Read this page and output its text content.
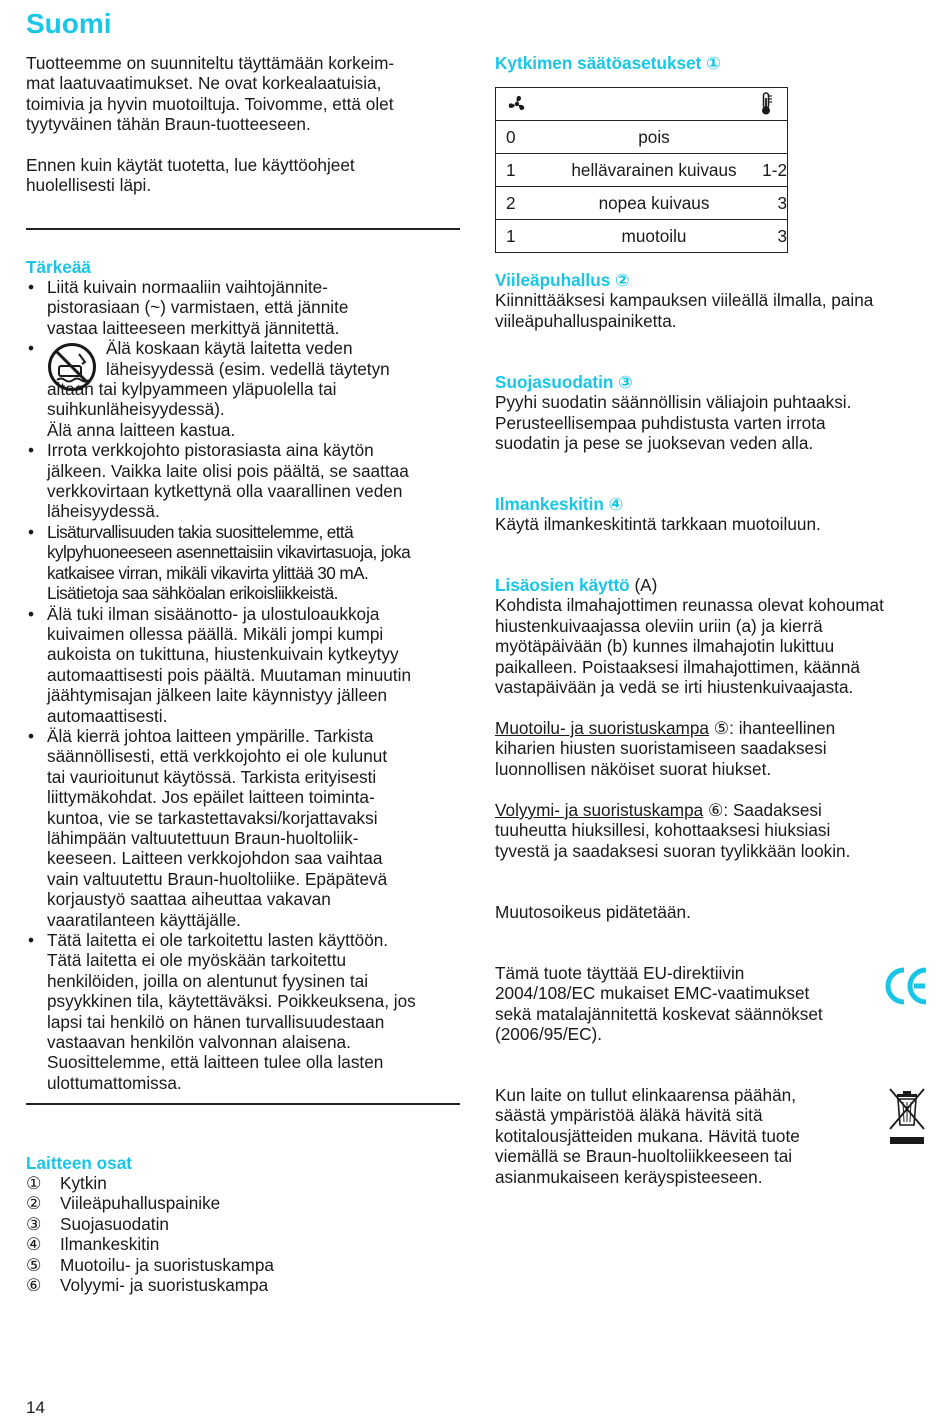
Suomi
Tuotteemme on suunniteltu täyttämään korkeim-
mat laatuvaatimukset. Ne ovat korkealaatuisia,
toimivia ja hyvin muotoiltuja. Toivomme, että olet
tyytyväinen tähän Braun-tuotteeseen.
Ennen kuin käytät tuotetta, lue käyttöohjeet
huolellisesti läpi.
Tärkeää
• Liitä kuivain normaaliin vaihtojännite-
pistorasiaan (~) varmistaen, että jännite
vastaa laitteeseen merkittyä jännitettä.
• Älä koskaan käytä laitetta veden
läheisyydessä (esim. vedellä täytetyn
altaan tai kylpyammeen yläpuolella tai
suihkunläheisyydessä).
Älä anna laitteen kastua.
• Irrota verkkojohto pistorasiasta aina käytön
jälkeen. Vaikka laite olisi pois päältä, se saattaa
verkkovirtaan kytkettynä olla vaarallinen veden
läheisyydessä.
• Lisäturvallisuuden takia suosittelemme, että
kylpyhuoneeseen asennettaisiin vikavirtasuoja, joka
katkaisee virran, mikäli vikavirta ylittää 30 mA.
Lisätietoja saa sähköalan erikoisliikkeistä.
• Älä tuki ilman sisäänotto- ja ulostuloaukkoja
kuivaimen ollessa päällä. Mikäli jompi kumpi
aukoista on tukittuna, hiustenkuivain kytkeytyy
automaattisesti pois päältä. Muutaman minuutin
jäähtymisajan jälkeen laite käynnistyy jälleen
automaattisesti.
• Älä kierrä johtoa laitteen ympärille. Tarkista
säännöllisesti, että verkkojohto ei ole kulunut
tai vaurioitunut käytössä. Tarkista erityisesti
liittymäkohdat. Jos epäilet laitteen toiminta-
kuntoa, vie se tarkastettavaksi/korjattavaksi
lähimpään valtuutettuun Braun-huoltoliik-
keeseen. Laitteen verkkojohdon saa vaihtaa
vain valtuutettu Braun-huoltoliike. Epäpätevä
korjaustyö saattaa aiheuttaa vakavan
vaaratilanteen käyttäjälle.
• Tätä laitetta ei ole tarkoitettu lasten käyttöön.
Tätä laitetta ei ole myöskään tarkoitettu
henkilöiden, joilla on alentunut fyysinen tai
psyykkinen tila, käytettäväksi. Poikkeuksena, jos
lapsi tai henkilö on hänen turvallisuudestaan
vastaavan henkilön valvonnan alaisena.
Suosittelemme, että laitteen tulee olla lasten
ulottumattomissa.
Laitteen osat
①	Kytkin
②	Viileäpuhalluspainike
③	Suojasuodatin
④	Ilmankeskitin
⑤	Muotoilu- ja suoristuskampa
⑥	Volyymi- ja suoristuskampa
14
Kytkimen säätöasetukset ①

0	pois

1	hellävarainen kuivaus	1-2

2	nopea kuivaus	3

1	muotoilu	3
Viileäpuhallus ②
Kiinnittääksesi kampauksen viileällä ilmalla, paina
viileäpuhalluspainiketta.
Suojasuodatin ③
Pyyhi suodatin säännöllisin väliajoin puhtaaksi.
Perusteellisempaa puhdistusta varten irrota
suodatin ja pese se juoksevan veden alla.
Ilmankeskitin ④
Käytä ilmankeskitintä tarkkaan muotoiluun.
Lisäosien käyttö (A)
Kohdista ilmahajottimen reunassa olevat kohoumat
hiustenkuivaajassa oleviin uriin (a) ja kierrä
myötäpäivään (b) kunnes ilmahajotin lukittuu
paikalleen. Poistaaksesi ilmahajottimen, käännä
vastapäivään ja vedä se irti hiustenkuivaajasta.
Muotoilu- ja suoristuskampa ⑤: ihanteellinen
kiharien hiusten suoristamiseen saadaksesi
luonnollisen näköiset suorat hiukset.
Volyymi- ja suoristuskampa ⑥: Saadaksesi
tuuheutta hiuksillesi, kohottaaksesi hiuksiasi
tyvestä ja saadaksesi suoran tyylikkään lookin.
Muutosoikeus pidätetään.
Tämä tuote täyttää EU-direktiivin
2004/108/EC mukaiset EMC-vaatimukset
sekä matalajännitettä koskevat säännökset
(2006/95/EC).
Kun laite on tullut elinkaarensa päähän,
säästä ympäristöä äläkä hävitä sitä
kotitalousjätteiden mukana. Hävitä tuote
viemällä se Braun-huoltoliikkeeseen tai
asianmukaiseen keräyspisteeseen.
